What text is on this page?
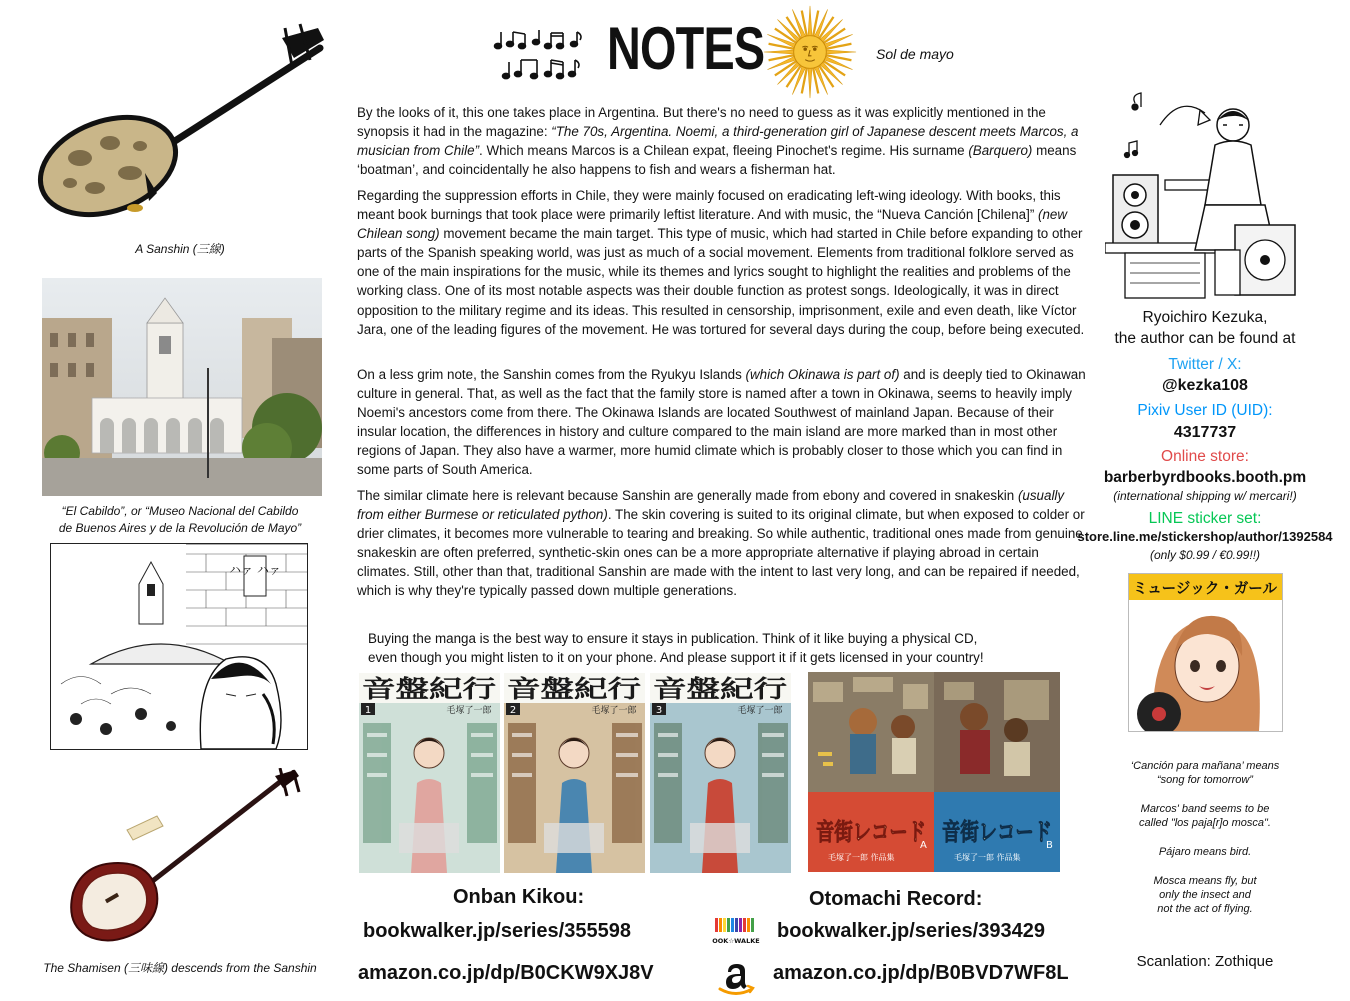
NOTES	Sol de mayo
A Sanshin (三線)
“El Cabildo”, or “Museo Nacional del Cabildo
de Buenos Aires y de la Revolución de Mayo”
ハァ ハァ
The Shamisen (三味線) descends from the Sanshin

By the looks of it, this one takes place in Argentina. But there's no need to guess as it was explicitly mentioned in the synopsis it had in the magazine: “The 70s, Argentina. Noemi, a third-generation girl of Japanese descent meets Marcos, a musician from Chile”. Which means Marcos is a Chilean expat, fleeing Pinochet's regime. His surname (Barquero) means ‘boatman’, and coincidentally he also happens to fish and wears a fisherman hat.

Regarding the suppression efforts in Chile, they were mainly focused on eradicating left-wing ideology. With books, this meant book burnings that took place were primarily leftist literature. And with music, the “Nueva Canción [Chilena]” (new Chilean song) movement became the main target. This type of music, which had started in Chile before expanding to other parts of the Spanish speaking world, was just as much of a social movement. Elements from traditional folklore served as one of the main inspirations for the music, while its themes and lyrics sought to highlight the realities and problems of the working class. One of its most notable aspects was their double function as protest songs. Ideologically, it was in direct opposition to the military regime and its ideas. This resulted in censorship, imprisonment, exile and even death, like Víctor Jara, one of the leading figures of the movement. He was tortured for several days during the coup, before being executed.

On a less grim note, the Sanshin comes from the Ryukyu Islands (which Okinawa is part of) and is deeply tied to Okinawan culture in general. That, as well as the fact that the family store is named after a town in Okinawa, seems to heavily imply Noemi's ancestors come from there. The Okinawa Islands are located Southwest of mainland Japan. Because of their insular location, the differences in history and culture compared to the main island are more marked than in most other regions of Japan. They also have a warmer, more humid climate which is probably closer to those which you can find in some parts of South America.

The similar climate here is relevant because Sanshin are generally made from ebony and covered in snakeskin (usually from either Burmese or reticulated python). The skin covering is suited to its original climate, but when exposed to colder or drier climates, it becomes more vulnerable to tearing and breaking. So while authentic, traditional ones made from genuine snakeskin are often preferred, synthetic-skin ones can be a more appropriate alternative if playing abroad in certain climates. Still, other than that, traditional Sanshin are made with the intent to last very long, and can be repaired if needed, which is why they're typically passed down multiple generations.

Buying the manga is the best way to ensure it stays in publication. Think of it like buying a physical CD,
even though you might listen to it on your phone. And please support it if it gets licensed in your country!
音盤紀行
1	毛塚了一郎
音盤紀行
2	毛塚了一郎
音盤紀行
3	毛塚了一郎
音街レコード
A
毛塚了一郎 作品集
音街レコード
B
毛塚了一郎 作品集
Onban Kikou:
bookwalker.jp/series/355598
amazon.co.jp/dp/B0CKW9XJ8V
Otomachi Record:
bookwalker.jp/series/393429
amazon.co.jp/dp/B0BVD7WF8L
OOK☆WALKE
Ryoichiro Kezuka,
the author can be found at
Twitter / X:
@kezka108
Pixiv User ID (UID):
4317737
Online store:
barberbyrdbooks.booth.pm
(international shipping w/ mercari!)
LINE sticker set:
store.line.me/stickershop/author/1392584
(only $0.99 / €0.99!!)
ミュージック・ガール
‘Canción para mañana’ means
“song for tomorrow”
Marcos' band seems to be
called "los paja[r]o mosca".
Pájaro means bird.
Mosca means fly, but
only the insect and
not the act of flying.
Scanlation: Zothique
